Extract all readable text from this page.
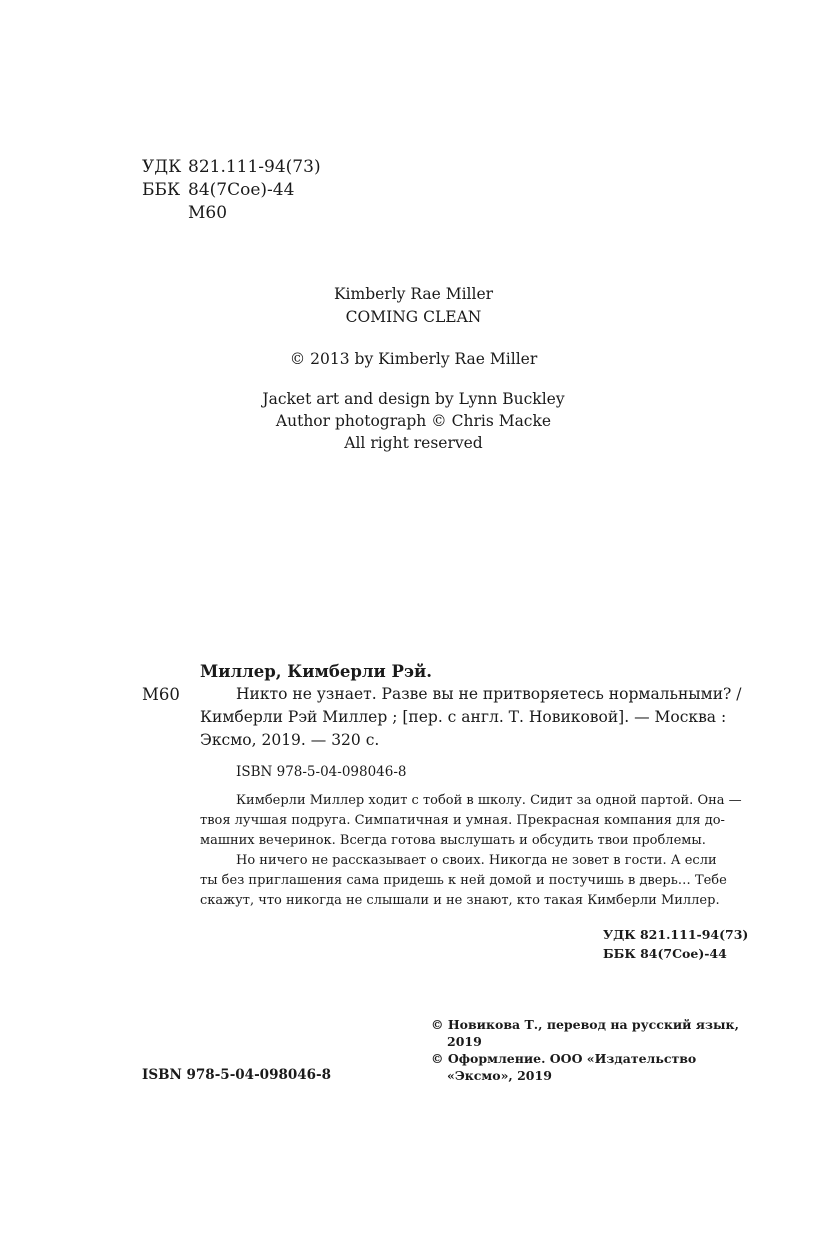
УДК 821.111-94(73)
ББК 84(7Сое)-44
М60
Kimberly Rae Miller
COMING CLEAN
© 2013 by Kimberly Rae Miller
Jacket art and design by Lynn Buckley
Author photograph © Chris Macke
All right reserved
Миллер, Кимберли Рэй.
М60	Никто не узнает. Разве вы не притворяетесь нормальными? /
Кимберли Рэй Миллер ; [пер. с англ. Т. Новиковой]. — Москва :
Эксмо, 2019. — 320 с.
ISBN 978-5-04-098046-8
Кимберли Миллер ходит с тобой в школу. Сидит за одной партой. Она —
твоя лучшая подруга. Симпатичная и умная. Прекрасная компания для до-
машних вечеринок. Всегда готова выслушать и обсудить твои проблемы.
Но ничего не рассказывает о своих. Никогда не зовет в гости. А если
ты без приглашения сама придешь к ней домой и постучишь в дверь… Тебе
скажут, что никогда не слышали и не знают, кто такая Кимберли Миллер.
УДК 821.111-94(73)
ББК 84(7Сое)-44
© Новикова Т., перевод на русский язык,
2019
© Оформление. ООО «Издательство
«Эксмо», 2019
ISBN 978-5-04-098046-8
